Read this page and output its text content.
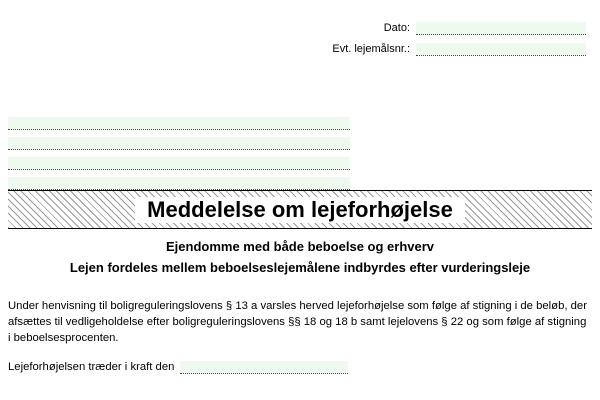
Dato:
Evt. lejemålsnr.:
Meddelelse om lejeforhøjelse
Ejendomme med både beboelse og erhverv
Lejen fordeles mellem beboelseslejemålene indbyrdes efter vurderingsleje
Under henvisning til boligreguleringslovens § 13 a varsles herved lejeforhøjelse som følge af stigning i de beløb, der afsættes til vedligeholdelse efter boligreguleringslovens §§ 18 og 18 b samt lejelovens § 22 og som følge af stigning i beboelsesprocenten.
Lejeforhøjelsen træder i kraft den
